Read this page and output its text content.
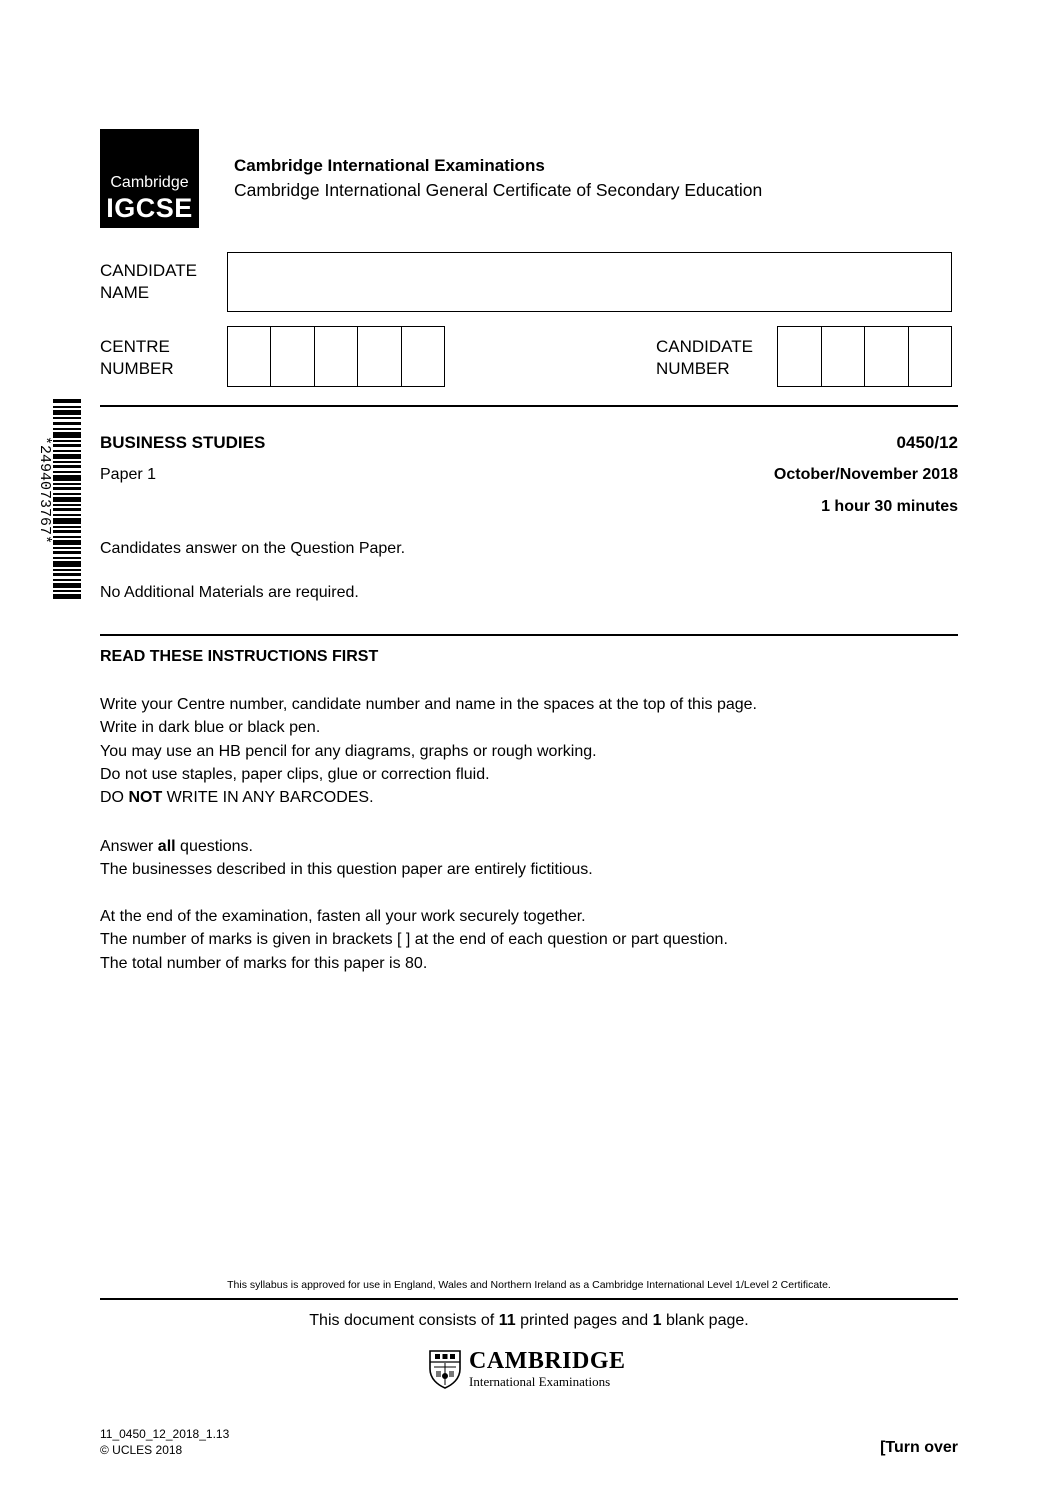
Cambridge
IGCSE
Cambridge International Examinations
Cambridge International General Certificate of Secondary Education
CANDIDATE
NAME
CENTRE
NUMBER
CANDIDATE
NUMBER
*2494073767*	BUSINESS STUDIES	0450/12
Paper 1	October/November 2018
1 hour 30 minutes
Candidates answer on the Question Paper.
No Additional Materials are required.
READ THESE INSTRUCTIONS FIRST
Write your Centre number, candidate number and name in the spaces at the top of this page.
Write in dark blue or black pen.
You may use an HB pencil for any diagrams, graphs or rough working.
Do not use staples, paper clips, glue or correction fluid.
DO NOT WRITE IN ANY BARCODES.
Answer all questions.
The businesses described in this question paper are entirely fictitious.
At the end of the examination, fasten all your work securely together.
The number of marks is given in brackets [ ] at the end of each question or part question.
The total number of marks for this paper is 80.
This syllabus is approved for use in England, Wales and Northern Ireland as a Cambridge International Level 1/Level 2 Certificate.
This document consists of 11 printed pages and 1 blank page.
CAMBRIDGE
International Examinations
11_0450_12_2018_1.13
© UCLES 2018	[Turn over
